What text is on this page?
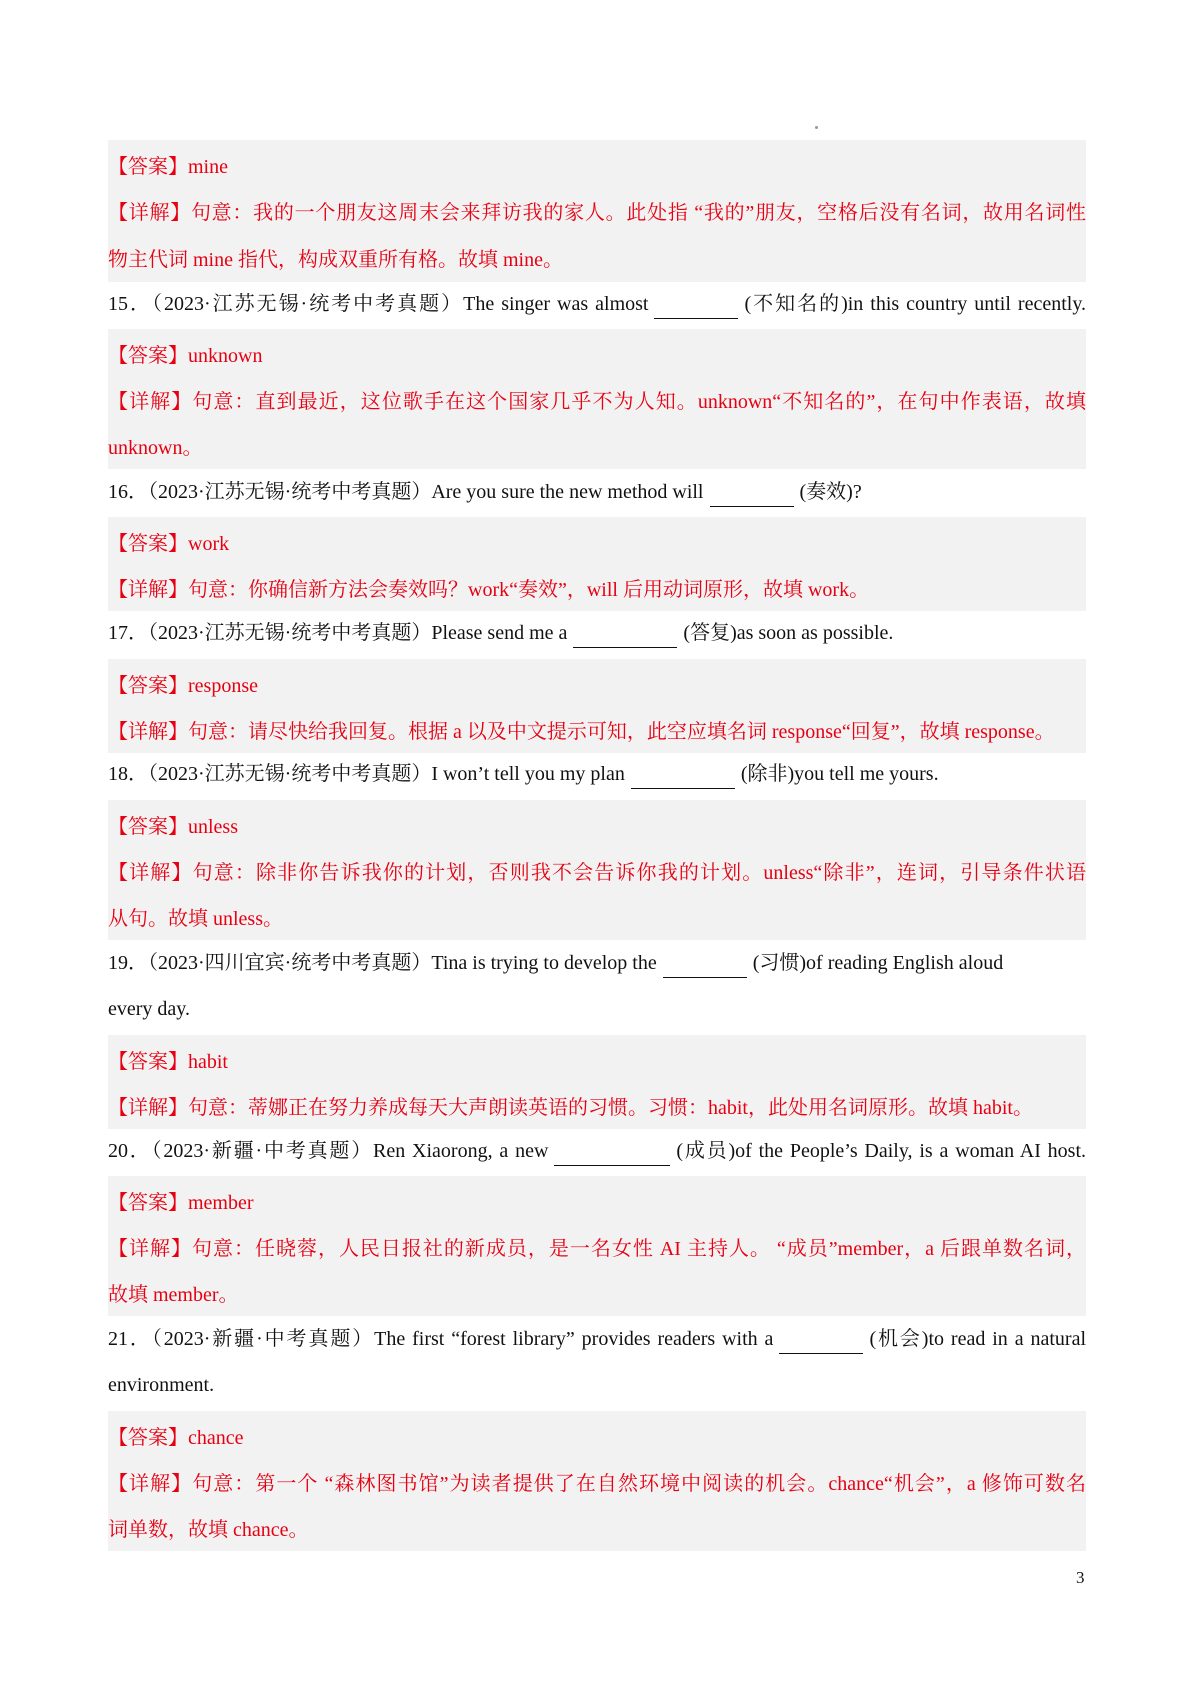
【答案】mine
【详解】句意：我的一个朋友这周末会来拜访我的家人。此处指 “我的”朋友，空格后没有名词，故用名词性
物主代词 mine 指代，构成双重所有格。故填 mine。
15．（2023·江苏无锡·统考中考真题）The singer was almost	(不知名的)in this country until recently.
【答案】unknown
【详解】句意：直到最近，这位歌手在这个国家几乎不为人知。unknown“不知名的”，在句中作表语，故填
unknown。
16．（2023·江苏无锡·统考中考真题）Are you sure the new method will	(奏效)?
【答案】work
【详解】句意：你确信新方法会奏效吗？work“奏效”，will 后用动词原形，故填 work。
17．（2023·江苏无锡·统考中考真题）Please send me a	(答复)as soon as possible.
【答案】response
【详解】句意：请尽快给我回复。根据 a 以及中文提示可知，此空应填名词 response“回复”，故填 response。
18．（2023·江苏无锡·统考中考真题）I won’t tell you my plan	(除非)you tell me yours.
【答案】unless
【详解】句意：除非你告诉我你的计划，否则我不会告诉你我的计划。unless“除非”，连词，引导条件状语
从句。故填 unless。
19．（2023·四川宜宾·统考中考真题）Tina is trying to develop the	(习惯)of reading English aloud
every day.
【答案】habit
【详解】句意：蒂娜正在努力养成每天大声朗读英语的习惯。习惯：habit，此处用名词原形。故填 habit。
20．（2023·新疆·中考真题）Ren Xiaorong, a new	(成员)of the People’s Daily, is a woman AI host.
【答案】member
【详解】句意：任晓蓉，人民日报社的新成员，是一名女性 AI 主持人。 “成员”member，a 后跟单数名词，
故填 member。
21．（2023·新疆·中考真题）The first “forest library” provides readers with a	(机会)to read in a natural
environment.
【答案】chance
【详解】句意：第一个 “森林图书馆”为读者提供了在自然环境中阅读的机会。chance“机会”，a 修饰可数名
词单数，故填 chance。
3
